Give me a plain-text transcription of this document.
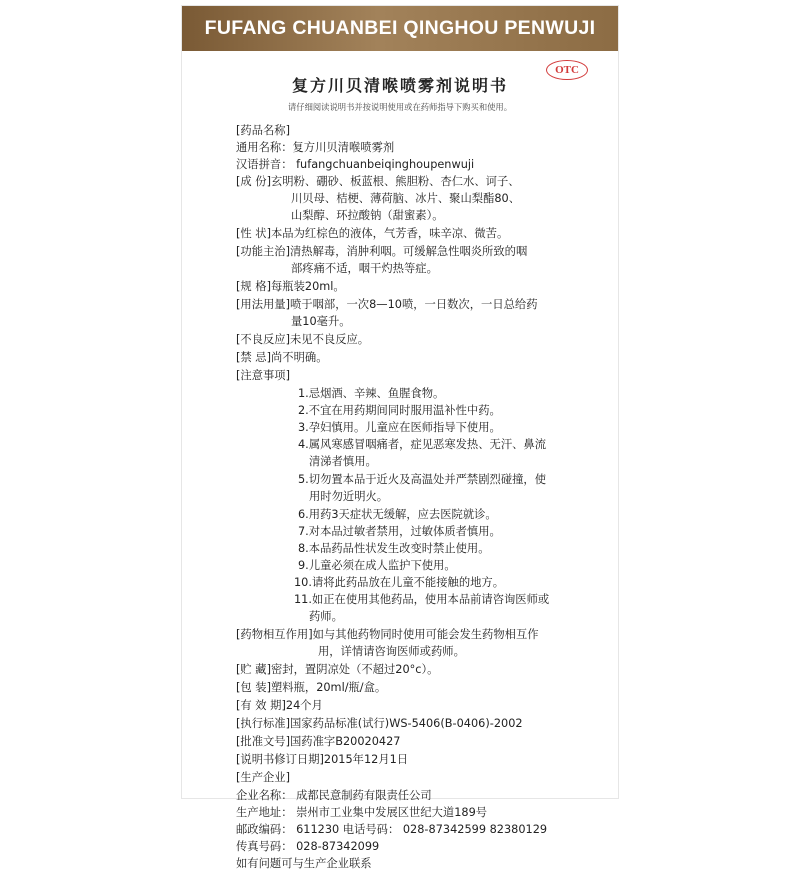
FUFANG CHUANBEI QINGHOU PENWUJI
复方川贝清喉喷雾剂说明书
OTC
请仔细阅读说明书并按说明使用或在药师指导下购买和使用。
[药品名称]
通用名称：复方川贝清喉喷雾剂
汉语拼音： fufangchuanbeiqinghoupenwuji
[成 份]玄明粉、硼砂、板蓝根、熊胆粉、杏仁水、诃子、
川贝母、桔梗、薄荷脑、冰片、聚山梨酯80、
山梨醇、环拉酸钠（甜蜜素）。
[性 状]本品为红棕色的液体，气芳香，味辛凉、微苦。
[功能主治]清热解毒，消肿利咽。可缓解急性咽炎所致的咽
部疼痛不适，咽干灼热等症。
[规 格]每瓶装20ml。
[用法用量]喷于咽部，一次8—10喷，一日数次，一日总给药
量10毫升。
[不良反应]未见不良反应。
[禁 忌]尚不明确。
[注意事项]
1.忌烟酒、辛辣、鱼腥食物。
2.不宜在用药期间同时服用温补性中药。
3.孕妇慎用。儿童应在医师指导下使用。
4.属风寒感冒咽痛者，症见恶寒发热、无汗、鼻流
清涕者慎用。
5.切勿置本品于近火及高温处并严禁剧烈碰撞，使
用时勿近明火。
6.用药3天症状无缓解，应去医院就诊。
7.对本品过敏者禁用，过敏体质者慎用。
8.本品药品性状发生改变时禁止使用。
9.儿童必须在成人监护下使用。
10.请将此药品放在儿童不能接触的地方。
11.如正在使用其他药品，使用本品前请咨询医师或
药师。
[药物相互作用]如与其他药物同时使用可能会发生药物相互作
用，详情请咨询医师或药师。
[贮 藏]密封，置阴凉处（不超过20°c）。
[包 装]塑料瓶，20ml/瓶/盒。
[有 效 期]24个月
[执行标准]国家药品标准(试行)WS-5406(B-0406)-2002
[批准文号]国药准字B20020427
[说明书修订日期]2015年12月1日
[生产企业]
企业名称： 成都民意制药有限责任公司
生产地址： 崇州市工业集中发展区世纪大道189号
邮政编码： 611230 电话号码： 028-87342599 82380129
传真号码： 028-87342099
如有问题可与生产企业联系
